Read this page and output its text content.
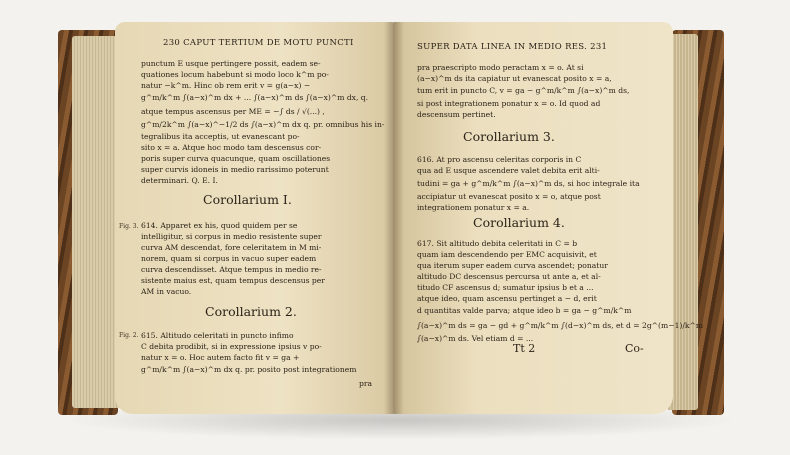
230 CAPUT TERTIUM DE MOTU PUNCTI
punctum E usque pertingere possit, eadem se-
quationes locum habebunt si modo loco k^m po-
natur −k^m. Hinc ob rem erit v = g(a−x) −
g^m/k^m ∫(a−x)^m dx + ... ∫(a−x)^m ds ∫(a−x)^m dx, q.
atque tempus ascensus per ME = −∫ ds / √(...) ,
g^m/2k^m ∫(a−x)^−1/2 ds ∫(a−x)^m dx q. pr. omnibus his in-
tegralibus ita acceptis, ut evanescant po-
sito x = a. Atque hoc modo tam descensus cor-
poris super curva quacunque, quam oscillationes
super curvis idoneis in medio rarissimo poterunt
determinari. Q. E. I.
Corollarium I.
Fig. 3. 614. Apparet ex his, quod quidem per se
intelligitur, si corpus in medio resistente super
curva AM descendat, fore celeritatem in M mi-
norem, quam si corpus in vacuo super eadem
curva descendisset. Atque tempus in medio re-
sistente maius est, quam tempus descensus per
AM in vacuo.
Corollarium 2.
Fig. 2. 615. Altitudo celeritati in puncto infimo
C debita prodibit, si in expressione ipsius v po-
natur x = o. Hoc autem facto fit v = ga +
g^m/k^m ∫(a−x)^m dx q. pr. posito post integrationem
pra
SUPER DATA LINEA IN MEDIO RES. 231
pra praescripto modo peractam x = o. At si
(a−x)^m ds ita capiatur ut evanescat posito x = a,
tum erit in puncto C, v = ga − g^m/k^m ∫(a−x)^m ds,
si post integrationem ponatur x = o. Id quod ad
descensum pertinet.
Corollarium 3.
616. At pro ascensu celeritas corporis in C
qua ad E usque ascendere valet debita erit alti-
tudini = ga + g^m/k^m ∫(a−x)^m ds, si hoc integrale ita
accipiatur ut evanescat posito x = o, atque post
integrationem ponatur x = a.
Corollarium 4.
617. Sit altitudo debita celeritati in C = b
quam iam descendendo per EMC acquisivit, et
qua iterum super eadem curva ascendet; ponatur
altitudo DC descensus percursa ut ante a, et al-
titudo CF ascensus d; sumatur ipsius b et a ...
atque ideo, quam ascensu pertinget a − d, erit
d quantitas valde parva; atque ideo b = ga − g^m/k^m
∫(a−x)^m ds = ga − gd + g^m/k^m ∫(d−x)^m ds, et d = 2g^(m−1)/k^m
∫(a−x)^m ds. Vel etiam d = ...
Tt 2	Co-
